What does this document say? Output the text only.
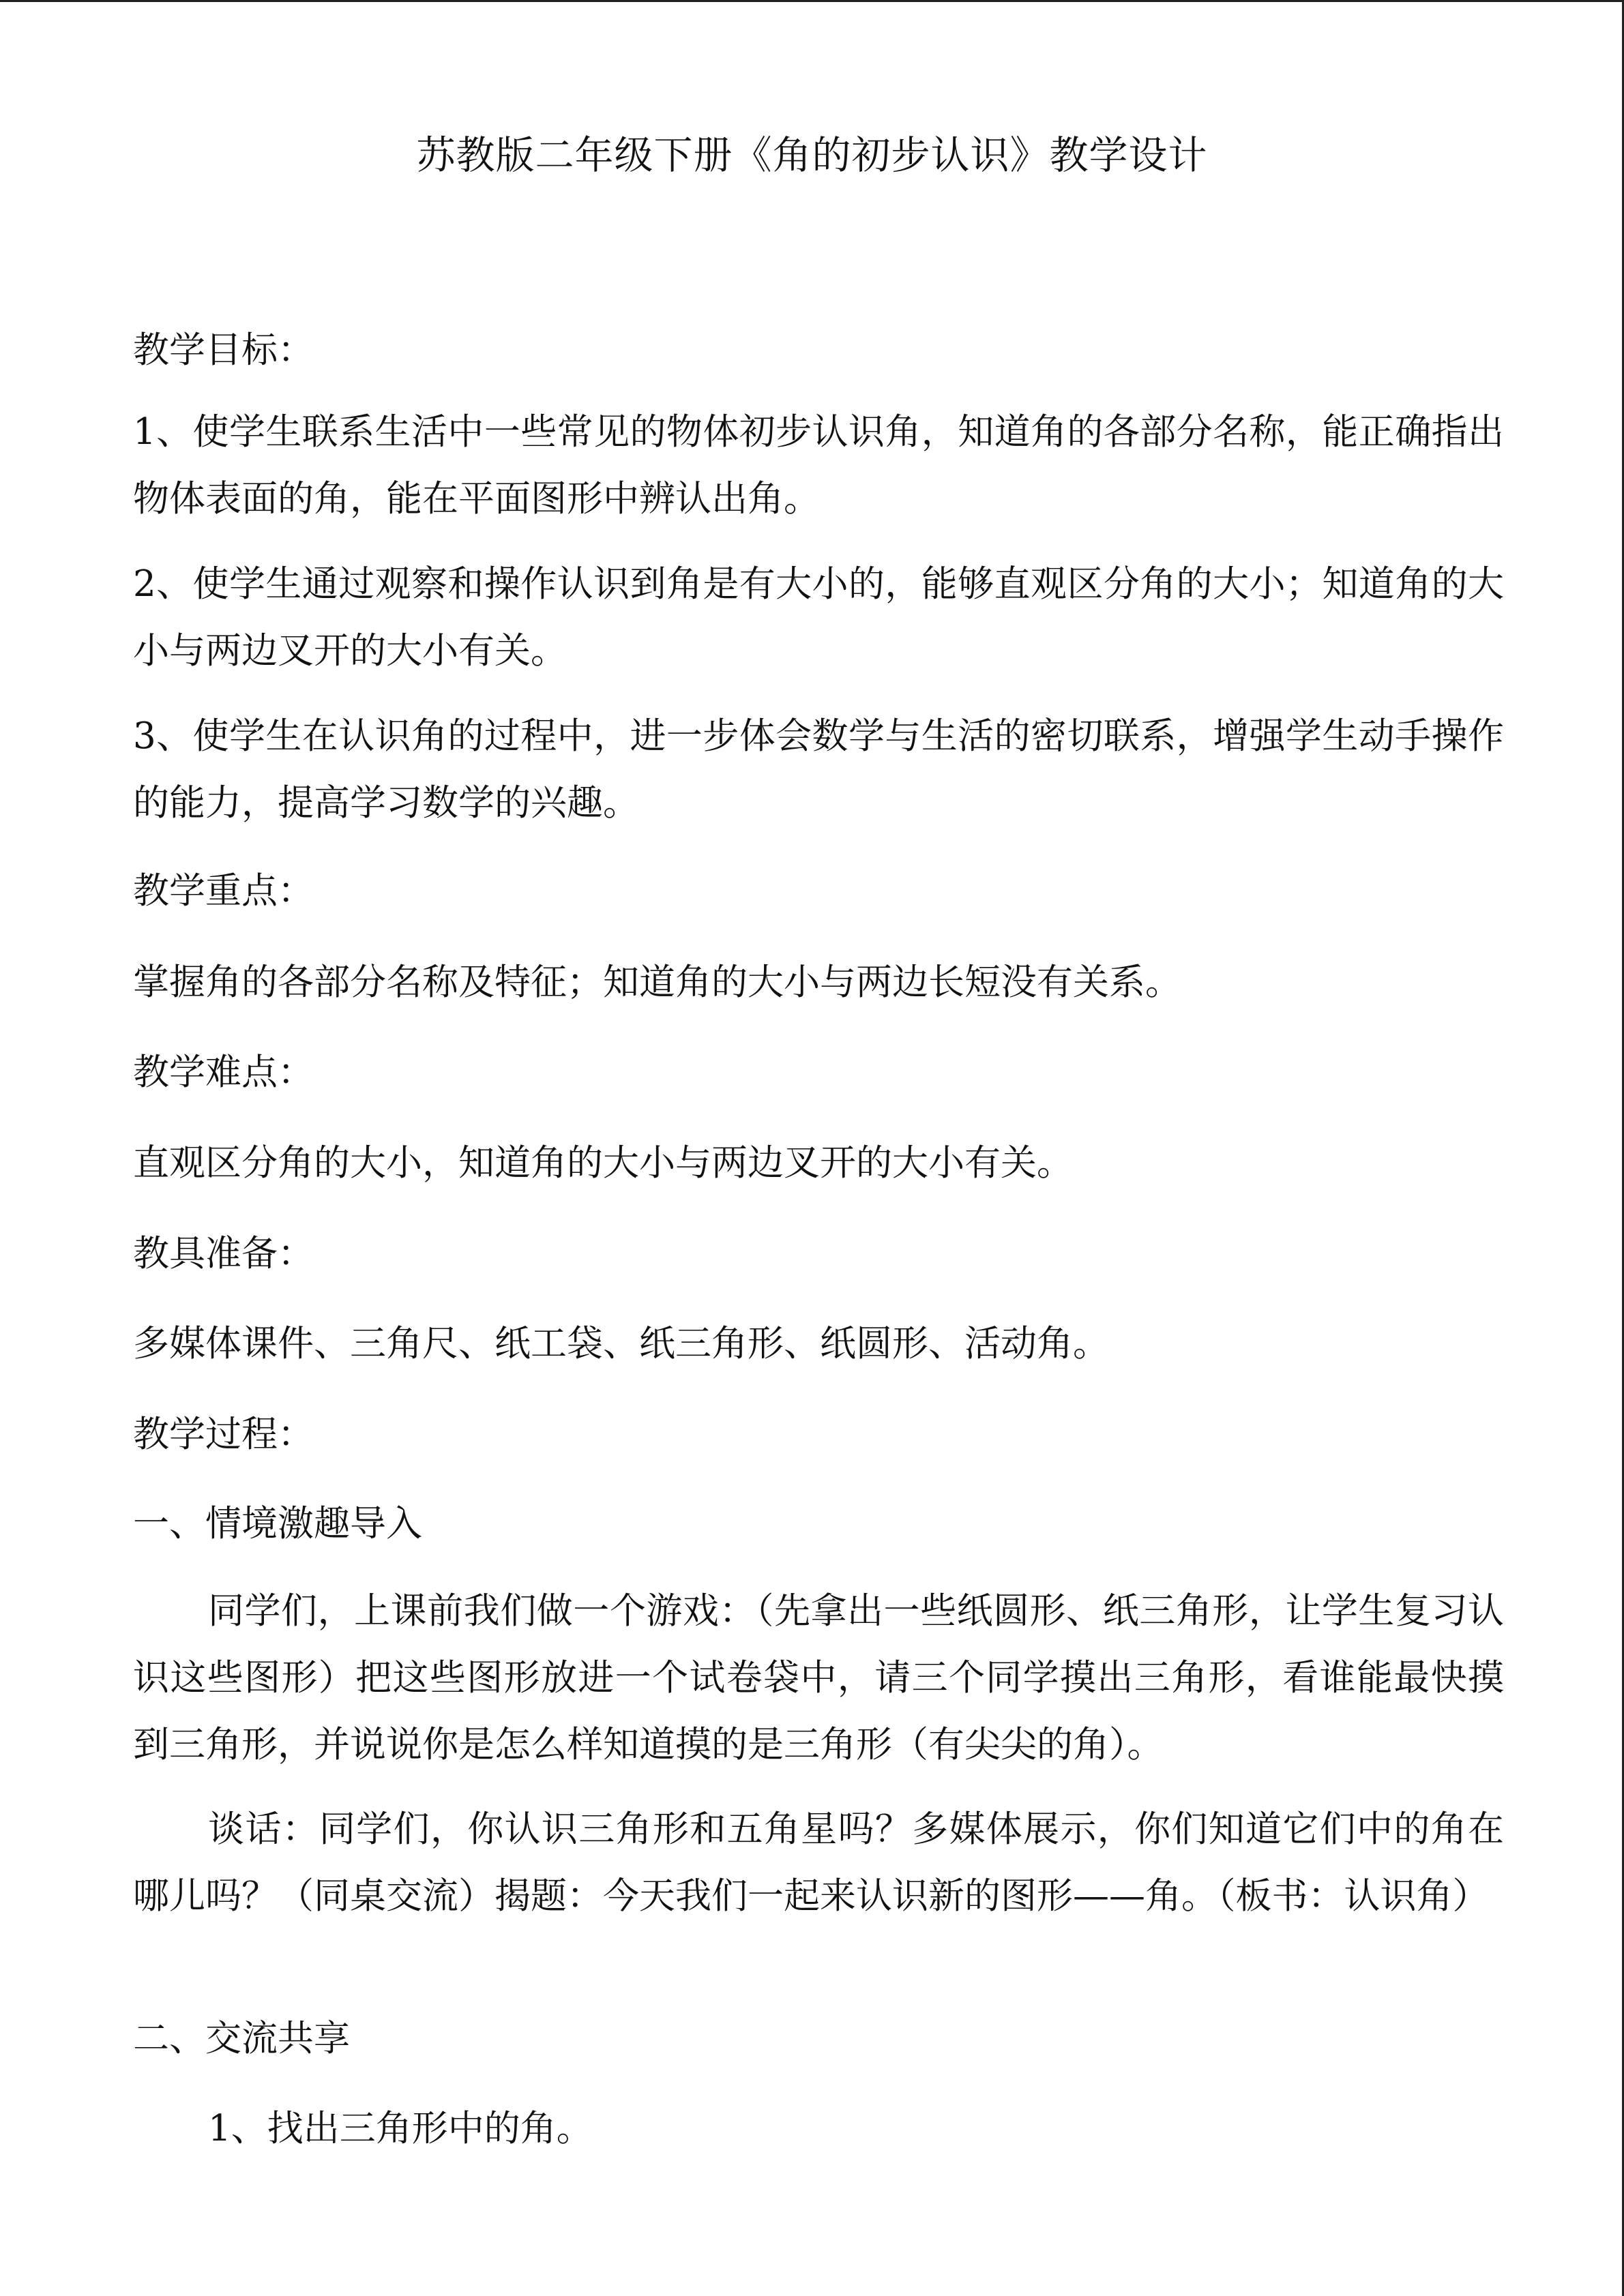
苏教版二年级下册《角的初步认识》教学设计

教学目标：

1、使学生联系生活中一些常见的物体初步认识角，知道角的各部分名称，能正确指出物体表面的角，能在平面图形中辨认出角。

2、使学生通过观察和操作认识到角是有大小的，能够直观区分角的大小；知道角的大小与两边叉开的大小有关。

3、使学生在认识角的过程中，进一步体会数学与生活的密切联系，增强学生动手操作的能力，提高学习数学的兴趣。

教学重点：

掌握角的各部分名称及特征；知道角的大小与两边长短没有关系。

教学难点：

直观区分角的大小，知道角的大小与两边叉开的大小有关。

教具准备：

多媒体课件、三角尺、纸工袋、纸三角形、纸圆形、活动角。

教学过程：

一、情境激趣导入

同学们，上课前我们做一个游戏：（先拿出一些纸圆形、纸三角形，让学生复习认识这些图形）把这些图形放进一个试卷袋中，请三个同学摸出三角形，看谁能最快摸到三角形，并说说你是怎么样知道摸的是三角形（有尖尖的角）。

谈话：同学们，你认识三角形和五角星吗？多媒体展示，你们知道它们中的角在哪儿吗？（同桌交流）揭题：今天我们一起来认识新的图形——角。（板书：认识角）

二、交流共享

1、找出三角形中的角。
